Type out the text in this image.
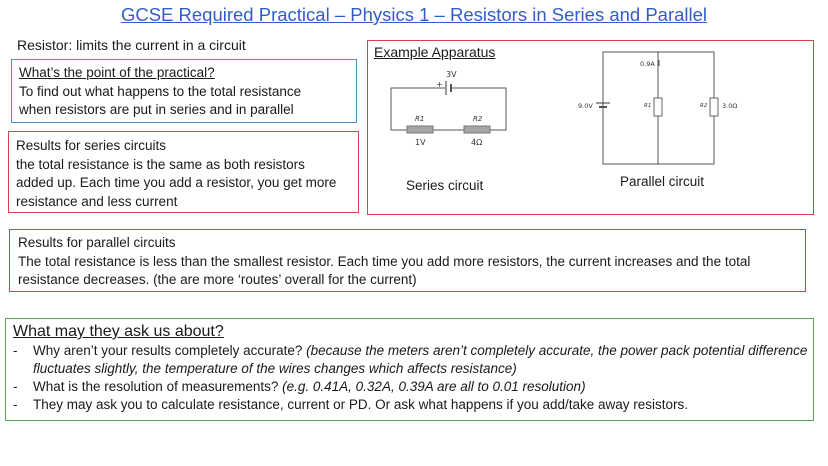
GCSE Required Practical – Physics 1 – Resistors in Series and Parallel
Resistor: limits the current in a circuit
What’s the point of the practical?
To find out what happens to the total resistance
when resistors are put in series and in parallel
Results for series circuits
the total resistance is the same as both resistors
added up. Each time you add a resistor, you get more
resistance and less current
Example Apparatus
3V
+
R1	R2
1V	4Ω
0.9A
9.0V	R1	R2 3.0Ω
Series circuit	Parallel circuit
Results for parallel circuits
The total resistance is less than the smallest resistor. Each time you add more resistors, the current increases and the total
resistance decreases. (the are more ‘routes’ overall for the current)
What may they ask us about?
- Why aren’t your results completely accurate? (because the meters aren’t completely accurate, the power pack potential difference fluctuates slightly, the temperature of the wires changes which affects resistance)
- What is the resolution of measurements? (e.g. 0.41A, 0.32A, 0.39A are all to 0.01 resolution)
- They may ask you to calculate resistance, current or PD. Or ask what happens if you add/take away resistors.
